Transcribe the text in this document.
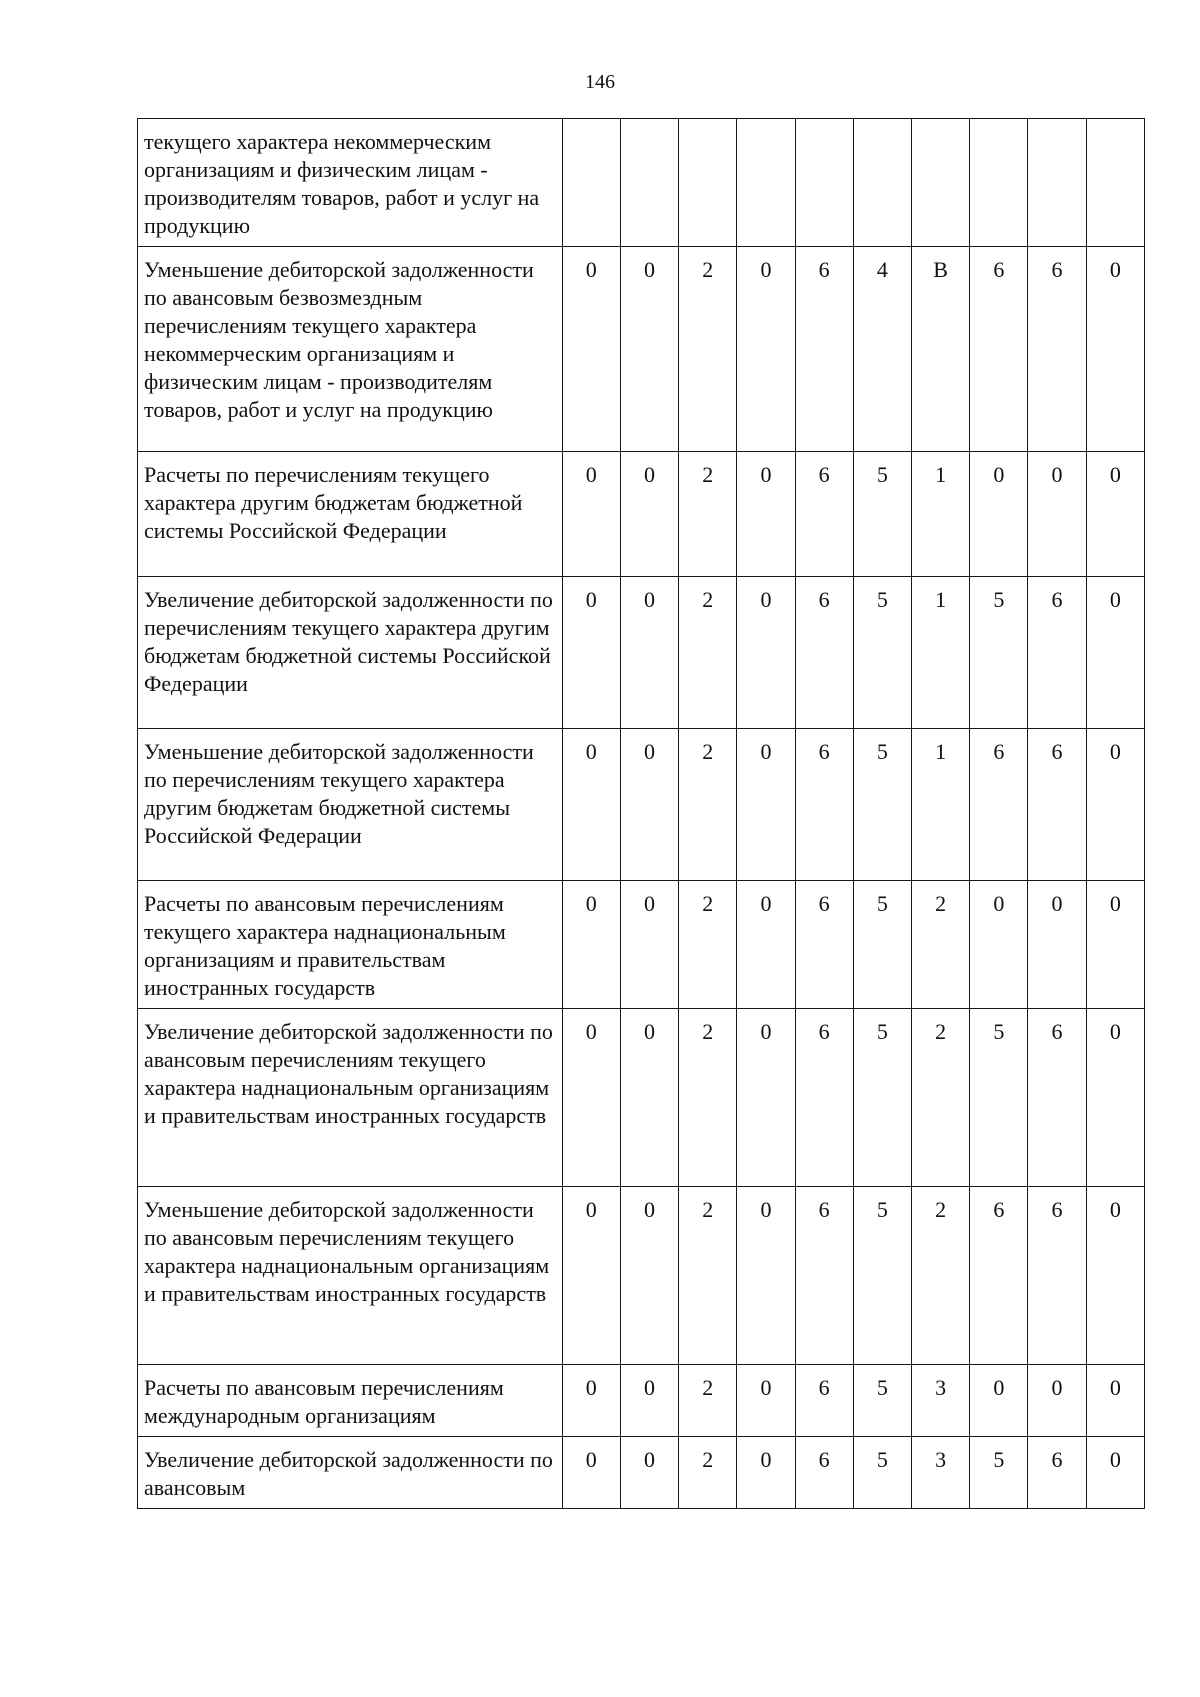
146
текущего характера некоммерческим организациям и физическим лицам - производителям товаров, работ и услуг на продукцию										
Уменьшение дебиторской задолженности по авансовым безвозмездным перечислениям текущего характера некоммерческим организациям и физическим лицам - производителям товаров, работ и услуг на продукцию	0	0	2	0	6	4	В	6	6	0
Расчеты по перечислениям текущего характера другим бюджетам бюджетной системы Российской Федерации	0	0	2	0	6	5	1	0	0	0
Увеличение дебиторской задолженности по перечислениям текущего характера другим бюджетам бюджетной системы Российской Федерации	0	0	2	0	6	5	1	5	6	0
Уменьшение дебиторской задолженности по перечислениям текущего характера другим бюджетам бюджетной системы Российской Федерации	0	0	2	0	6	5	1	6	6	0
Расчеты по авансовым перечислениям текущего характера наднациональным организациям и правительствам иностранных государств	0	0	2	0	6	5	2	0	0	0
Увеличение дебиторской задолженности по авансовым перечислениям текущего характера наднациональным организациям и правительствам иностранных государств	0	0	2	0	6	5	2	5	6	0
Уменьшение дебиторской задолженности по авансовым перечислениям текущего характера наднациональным организациям и правительствам иностранных государств	0	0	2	0	6	5	2	6	6	0
Расчеты по авансовым перечислениям международным организациям	0	0	2	0	6	5	3	0	0	0
Увеличение дебиторской задолженности по авансовым	0	0	2	0	6	5	3	5	6	0
